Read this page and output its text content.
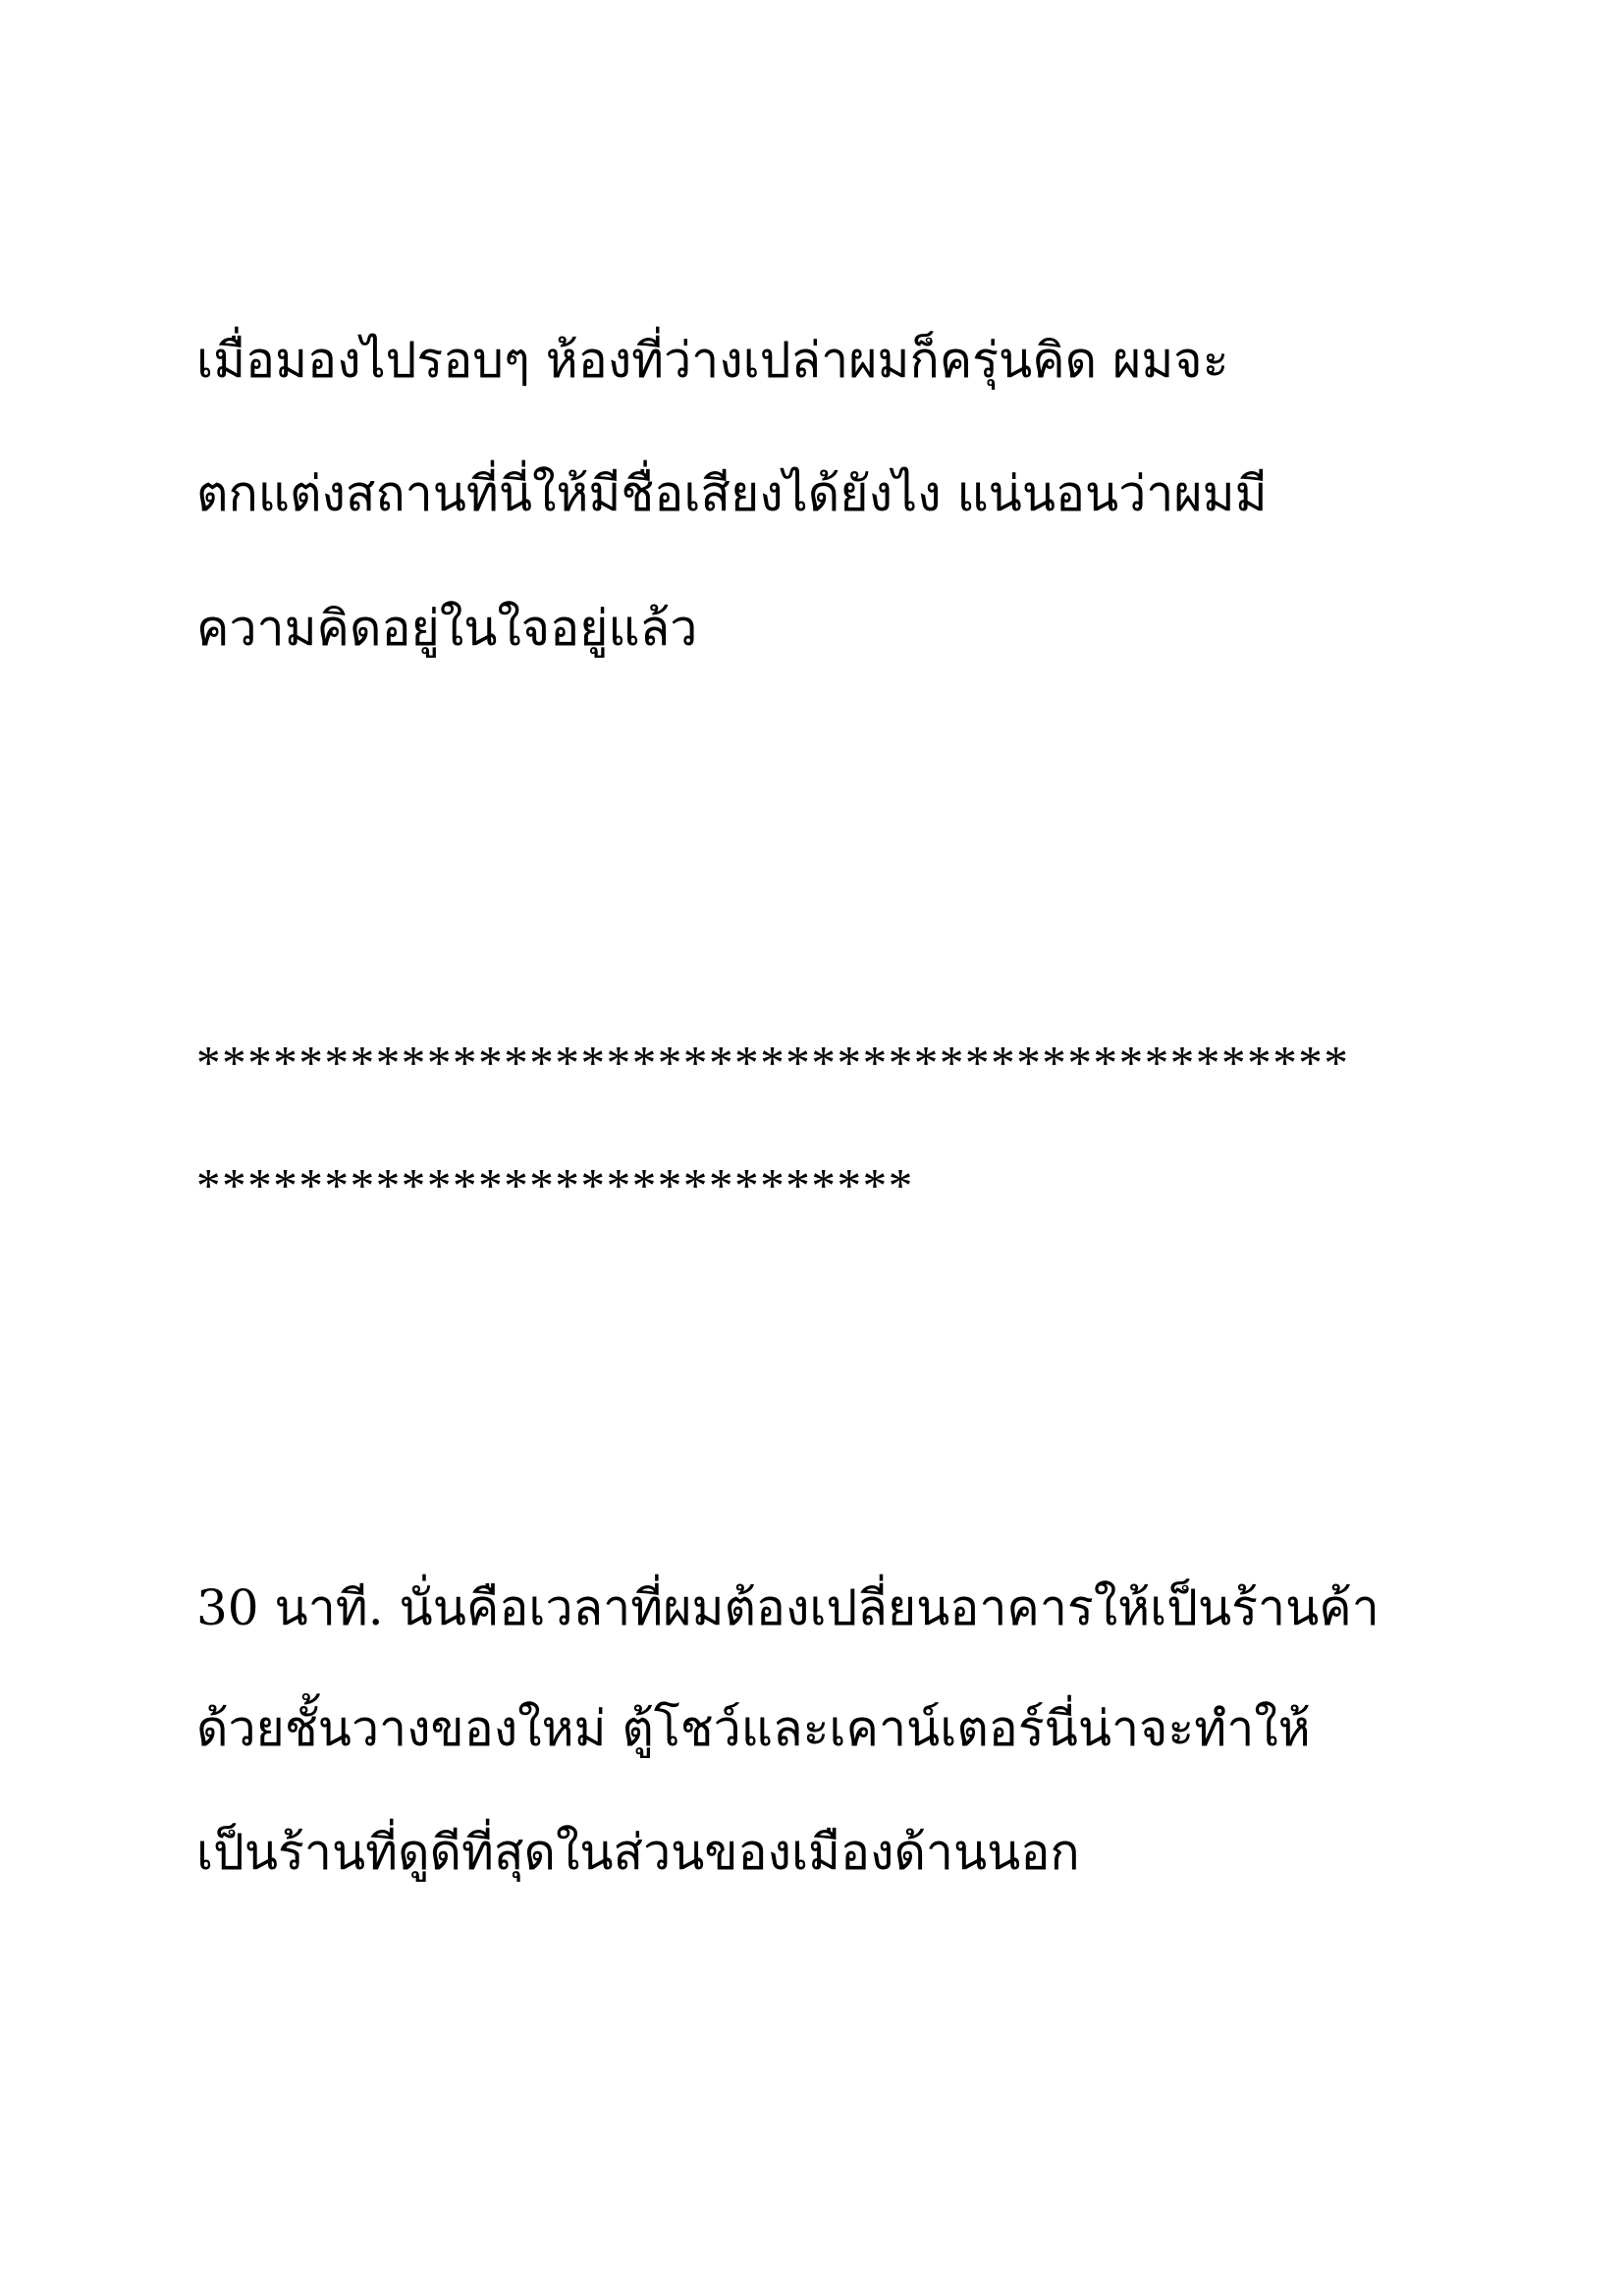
เมื่อมองไปรอบๆ ห้องที่ว่างเปล่าผมก็ครุ่นคิด ผมจะ

ตกแต่งสถานที่นี่ให้มีชื่อเสียงได้ยังไง แน่นอนว่าผมมี

ความคิดอยู่ในใจอยู่แล้ว

*********************************************

****************************

30 นาที. นั่นคือเวลาที่ผมต้องเปลี่ยนอาคารให้เป็นร้านค้า

ด้วยชั้นวางของใหม่ ตู้โชว์และเคาน์เตอร์นี่น่าจะทำให้

เป็นร้านที่ดูดีที่สุดในส่วนของเมืองด้านนอก
